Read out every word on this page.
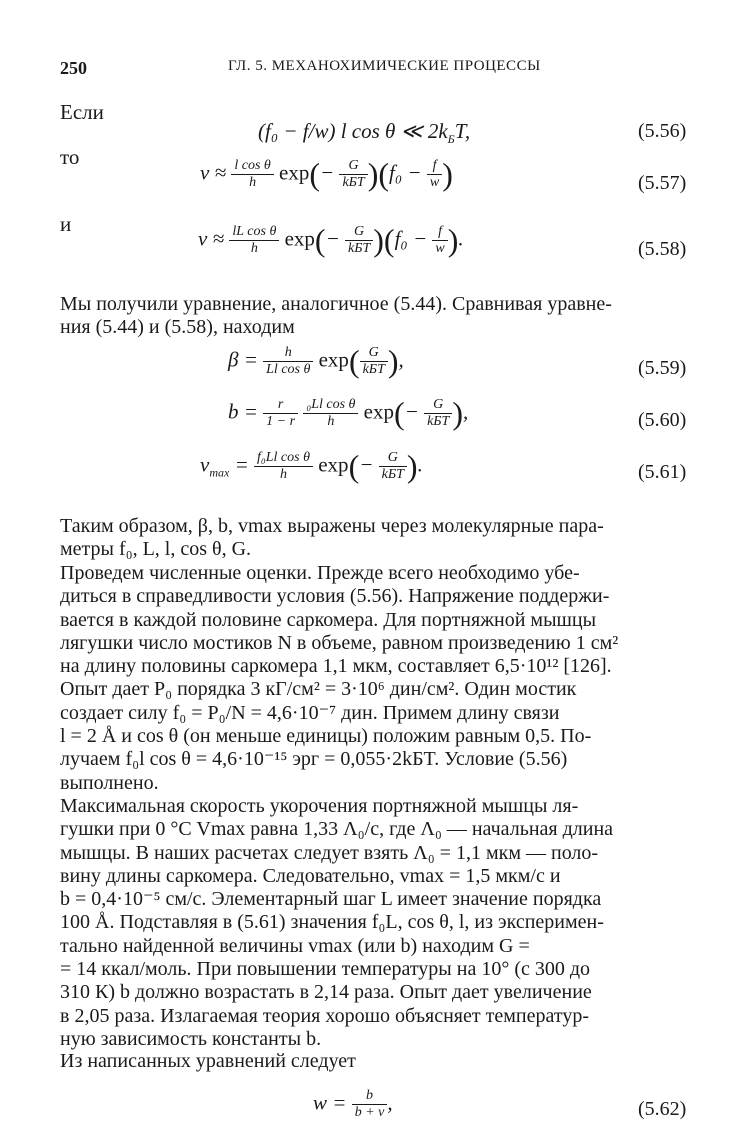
250	ГЛ. 5. МЕХАНОХИМИЧЕСКИЕ ПРОЦЕССЫ
Если
(f₀ − f/w) l cos θ ≪ $2k_БT$,	(5.56)
то
$v \approx \frac{\text{l cos θ}}{h} \exp(- \frac{G}{\text{kБT}} )(f_0 - \frac{f}{w}$ )	(5.57)
и
$v \approx \frac{\text{lL cos θ}}{h} \exp(- \frac{G}{\text{kБT}} )(f_0 - \frac{f}{w}$ ).	(5.58)
Мы получили уравнение, аналогичное (5.44). Сравнивая уравне-
ния (5.44) и (5.58), находим
$\beta = \frac{h}{\text{Ll cos θ}} \exp( \frac{G}{\text{kБT}}$ ),	(5.59)
$b = \frac{r}{1 - r}$
$\frac{\text{₀Ll cos θ}}{h} \exp(- \frac{G}{\text{kБT}}$ ),	(5.60)
$v_{max} = \frac{\text{f₀Ll cos θ}}{h} \exp(- \frac{G}{\text{kБT}}$ ).	(5.61)
Таким образом, β, b, vmax выражены через молекулярные пара-
метры f₀, L, l, cos θ, G.
Проведем численные оценки. Прежде всего необходимо убе-
диться в справедливости условия (5.56). Напряжение поддержи-
вается в каждой половине саркомера. Для портняжной мышцы
лягушки число мостиков N в объеме, равном произведению 1 см²
на длину половины саркомера 1,1 мкм, составляет 6,5·10¹² [126].
Опыт дает P₀ порядка 3 кГ/см² = 3·10⁶ дин/см². Один мостик
создает силу f₀ = P₀/N = 4,6·10⁻⁷ дин. Примем длину связи
l = 2 Å и cos θ (он меньше единицы) положим равным 0,5. По-
лучаем f₀l cos θ = 4,6·10⁻¹⁵ эрг = 0,055·2kБT. Условие (5.56)
выполнено.
Максимальная скорость укорочения портняжной мышцы ля-
гушки при 0 °C Vmax равна 1,33 Λ₀/с, где Λ₀ — начальная длина
мышцы. В наших расчетах следует взять Λ₀ = 1,1 мкм — поло-
вину длины саркомера. Следовательно, vmax = 1,5 мкм/с и
b = 0,4·10⁻⁵ см/с. Элементарный шаг L имеет значение порядка
100 Å. Подставляя в (5.61) значения f₀L, cos θ, l, из эксперимен-
тально найденной величины vmax (или b) находим G =
= 14 ккал/моль. При повышении температуры на 10° (с 300 до
310 К) b должно возрастать в 2,14 раза. Опыт дает увеличение
в 2,05 раза. Излагаемая теория хорошо объясняет температур-
ную зависимость константы b.
Из написанных уравнений следует
$w = \frac{b}{b + v}$ ,	(5.62)
